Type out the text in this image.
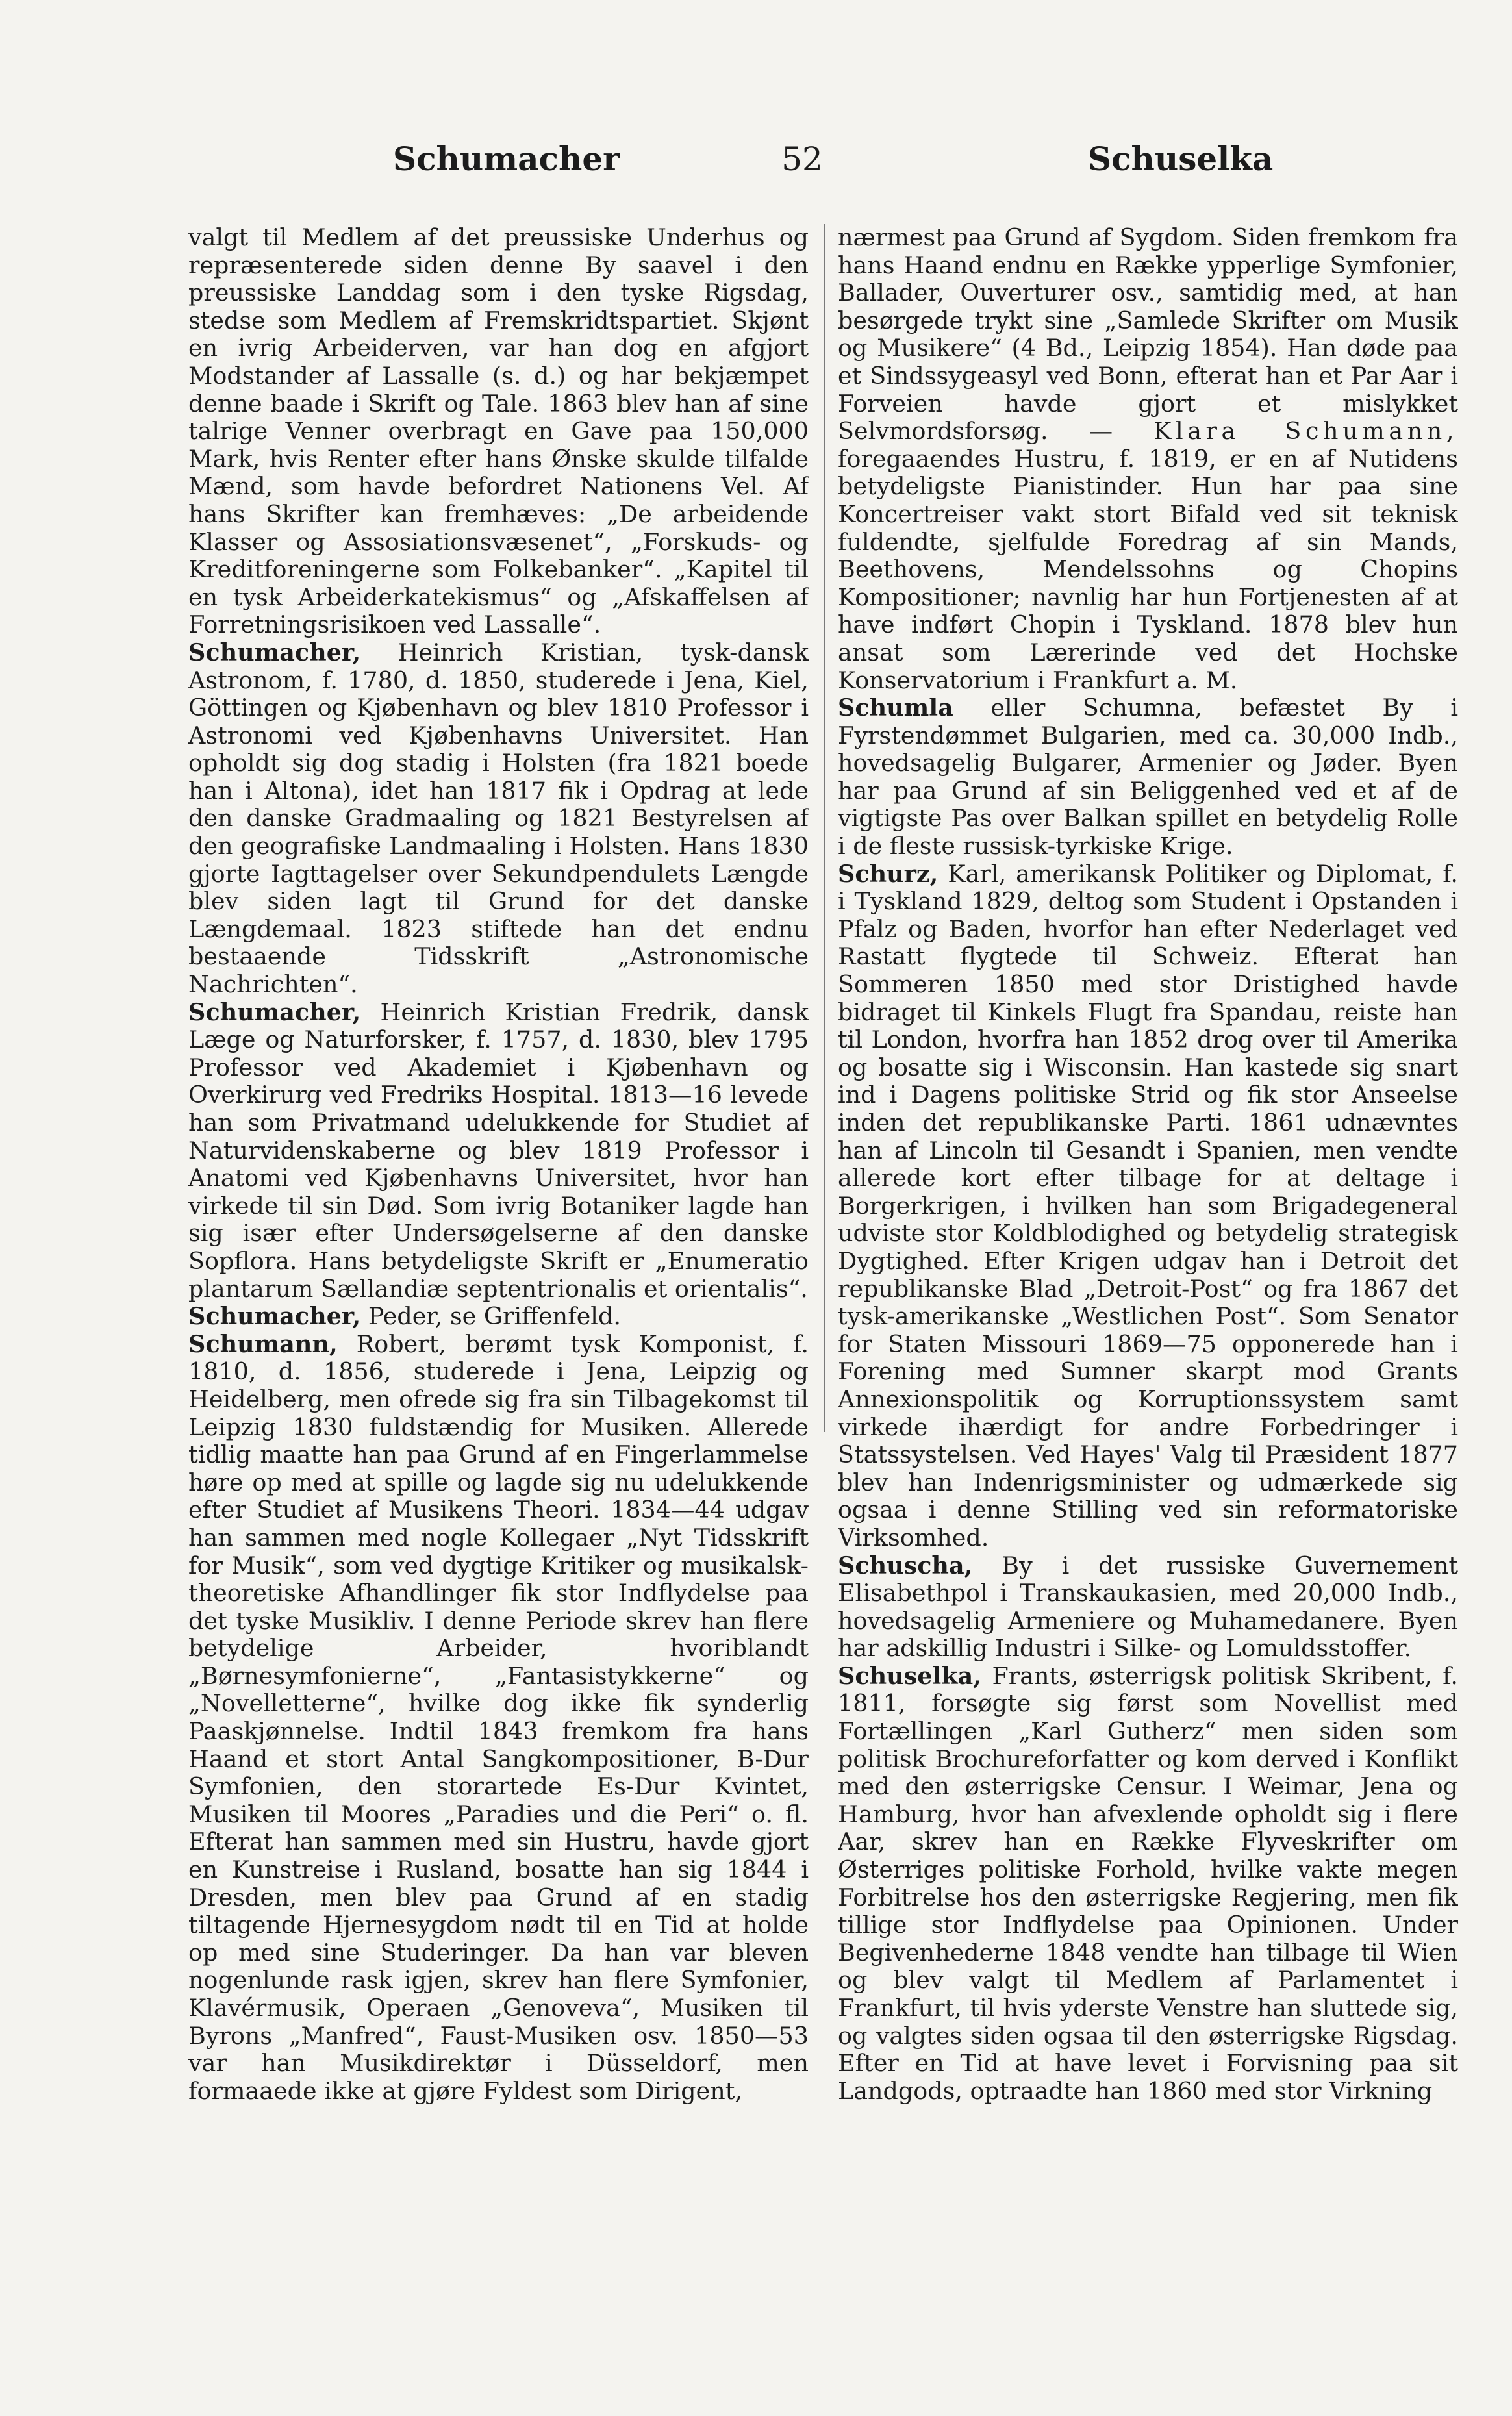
Schumacher	52	Schuselka

valgt til Medlem af det preussiske Underhus og repræsenterede siden denne By saavel i den preussiske Landdag som i den tyske Rigsdag, stedse som Medlem af Fremskridtspartiet. Skjønt en ivrig Arbeiderven, var han dog en afgjort Modstander af Lassalle (s. d.) og har bekjæmpet denne baade i Skrift og Tale. 1863 blev han af sine talrige Venner overbragt en Gave paa 150,000 Mark, hvis Renter efter hans Ønske skulde tilfalde Mænd, som havde befordret Nationens Vel. Af hans Skrifter kan fremhæves: „De arbeidende Klasser og Assosiationsvæsenet“, „Forskuds- og Kreditforeningerne som Folkebanker“. „Kapitel til en tysk Arbeiderkatekismus“ og „Afskaffelsen af Forretningsrisikoen ved Lassalle“.

Schumacher, Heinrich Kristian, tysk-dansk Astronom, f. 1780, d. 1850, studerede i Jena, Kiel, Göttingen og Kjøbenhavn og blev 1810 Professor i Astronomi ved Kjøbenhavns Universitet. Han opholdt sig dog stadig i Holsten (fra 1821 boede han i Altona), idet han 1817 fik i Opdrag at lede den danske Gradmaaling og 1821 Bestyrelsen af den geografiske Landmaaling i Holsten. Hans 1830 gjorte Iagttagelser over Sekundpendulets Længde blev siden lagt til Grund for det danske Længdemaal. 1823 stiftede han det endnu bestaaende Tidsskrift „Astronomische Nachrichten“.

Schumacher, Heinrich Kristian Fredrik, dansk Læge og Naturforsker, f. 1757, d. 1830, blev 1795 Professor ved Akademiet i Kjøbenhavn og Overkirurg ved Fredriks Hospital. 1813—16 levede han som Privatmand udelukkende for Studiet af Naturvidenskaberne og blev 1819 Professor i Anatomi ved Kjøbenhavns Universitet, hvor han virkede til sin Død. Som ivrig Botaniker lagde han sig især efter Undersøgelserne af den danske Sopflora. Hans betydeligste Skrift er „Enumeratio plantarum Sællandiæ septentrionalis et orientalis“.

Schumacher, Peder, se Griffenfeld.

Schumann, Robert, berømt tysk Komponist, f. 1810, d. 1856, studerede i Jena, Leipzig og Heidelberg, men ofrede sig fra sin Tilbagekomst til Leipzig 1830 fuldstændig for Musiken. Allerede tidlig maatte han paa Grund af en Fingerlammelse høre op med at spille og lagde sig nu udelukkende efter Studiet af Musikens Theori. 1834—44 udgav han sammen med nogle Kollegaer „Nyt Tidsskrift for Musik“, som ved dygtige Kritiker og musikalsk-theoretiske Afhandlinger fik stor Indflydelse paa det tyske Musikliv. I denne Periode skrev han flere betydelige Arbeider, hvoriblandt „Børnesymfonierne“, „Fantasistykkerne“ og „Novelletterne“, hvilke dog ikke fik synderlig Paaskjønnelse. Indtil 1843 fremkom fra hans Haand et stort Antal Sangkompositioner, B-Dur Symfonien, den storartede Es-Dur Kvintet, Musiken til Moores „Paradies und die Peri“ o. fl. Efterat han sammen med sin Hustru, havde gjort en Kunstreise i Rusland, bosatte han sig 1844 i Dresden, men blev paa Grund af en stadig tiltagende Hjernesygdom nødt til en Tid at holde op med sine Studeringer. Da han var bleven nogenlunde rask igjen, skrev han flere Symfonier, Klavérmusik, Operaen „Genoveva“, Musiken til Byrons „Manfred“, Faust-Musiken osv. 1850—53 var han Musikdirektør i Düsseldorf, men formaaede ikke at gjøre Fyldest som Dirigent,

nærmest paa Grund af Sygdom. Siden fremkom fra hans Haand endnu en Række ypperlige Symfonier, Ballader, Ouverturer osv., samtidig med, at han besørgede trykt sine „Samlede Skrifter om Musik og Musikere“ (4 Bd., Leipzig 1854). Han døde paa et Sindssygeasyl ved Bonn, efterat han et Par Aar i Forveien havde gjort et mislykket Selvmordsforsøg. — Klara Schumann, foregaaendes Hustru, f. 1819, er en af Nutidens betydeligste Pianistinder. Hun har paa sine Koncertreiser vakt stort Bifald ved sit teknisk fuldendte, sjelfulde Foredrag af sin Mands, Beethovens, Mendelssohns og Chopins Kompositioner; navnlig har hun Fortjenesten af at have indført Chopin i Tyskland. 1878 blev hun ansat som Lærerinde ved det Hochske Konservatorium i Frankfurt a. M.

Schumla eller Schumna, befæstet By i Fyrstendømmet Bulgarien, med ca. 30,000 Indb., hovedsagelig Bulgarer, Armenier og Jøder. Byen har paa Grund af sin Beliggenhed ved et af de vigtigste Pas over Balkan spillet en betydelig Rolle i de fleste russisk-tyrkiske Krige.

Schurz, Karl, amerikansk Politiker og Diplomat, f. i Tyskland 1829, deltog som Student i Opstanden i Pfalz og Baden, hvorfor han efter Nederlaget ved Rastatt flygtede til Schweiz. Efterat han Sommeren 1850 med stor Dristighed havde bidraget til Kinkels Flugt fra Spandau, reiste han til London, hvorfra han 1852 drog over til Amerika og bosatte sig i Wisconsin. Han kastede sig snart ind i Dagens politiske Strid og fik stor Anseelse inden det republikanske Parti. 1861 udnævntes han af Lincoln til Gesandt i Spanien, men vendte allerede kort efter tilbage for at deltage i Borgerkrigen, i hvilken han som Brigadegeneral udviste stor Koldblodighed og betydelig strategisk Dygtighed. Efter Krigen udgav han i Detroit det republikanske Blad „Detroit-Post“ og fra 1867 det tysk-amerikanske „Westlichen Post“. Som Senator for Staten Missouri 1869—75 opponerede han i Forening med Sumner skarpt mod Grants Annexionspolitik og Korruptionssystem samt virkede ihærdigt for andre Forbedringer i Statssystelsen. Ved Hayes' Valg til Præsident 1877 blev han Indenrigsminister og udmærkede sig ogsaa i denne Stilling ved sin reformatoriske Virksomhed.

Schuscha, By i det russiske Guvernement Elisabethpol i Transkaukasien, med 20,000 Indb., hovedsagelig Armeniere og Muhamedanere. Byen har adskillig Industri i Silke- og Lomuldsstoffer.

Schuselka, Frants, østerrigsk politisk Skribent, f. 1811, forsøgte sig først som Novellist med Fortællingen „Karl Gutherz“ men siden som politisk Brochureforfatter og kom derved i Konflikt med den østerrigske Censur. I Weimar, Jena og Hamburg, hvor han afvexlende opholdt sig i flere Aar, skrev han en Række Flyveskrifter om Østerriges politiske Forhold, hvilke vakte megen Forbitrelse hos den østerrigske Regjering, men fik tillige stor Indflydelse paa Opinionen. Under Begivenhederne 1848 vendte han tilbage til Wien og blev valgt til Medlem af Parlamentet i Frankfurt, til hvis yderste Venstre han sluttede sig, og valgtes siden ogsaa til den østerrigske Rigsdag. Efter en Tid at have levet i Forvisning paa sit Landgods, optraadte han 1860 med stor Virkning
